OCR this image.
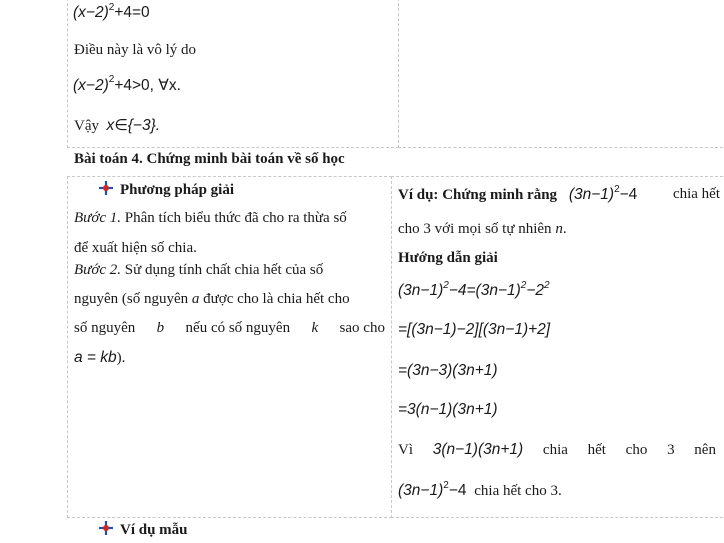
$(x-2)^2+4=0$
Điều này là vô lý do
$(x-2)^2+4>0$, ∀x.
Vậy x∈{−3}.
Bài toán 4. Chứng minh bài toán về số học
Phương pháp giải
Bước 1. Phân tích biểu thức đã cho ra thừa số
để xuất hiện số chia.
Bước 2. Sử dụng tính chất chia hết của số
nguyên (số nguyên a được cho là chia hết cho
số nguyên b nếu có số nguyên k sao cho
a = kb).
Ví dụ: Chứng minh rằng $(3n-1)^2-4$ chia hết
cho 3 với mọi số tự nhiên n.
Hướng dẫn giải
$(3n-1)^2-4=(3n-1)^2-2^2$
=[(3n−1)−2][(3n−1)+2]
=(3n−3)(3n+1)
=3(n−1)(3n+1)
Vì 3(n−1)(3n+1) chia hết cho 3 nên
$(3n-1)^2-4$ chia hết cho 3.
Ví dụ mẫu
